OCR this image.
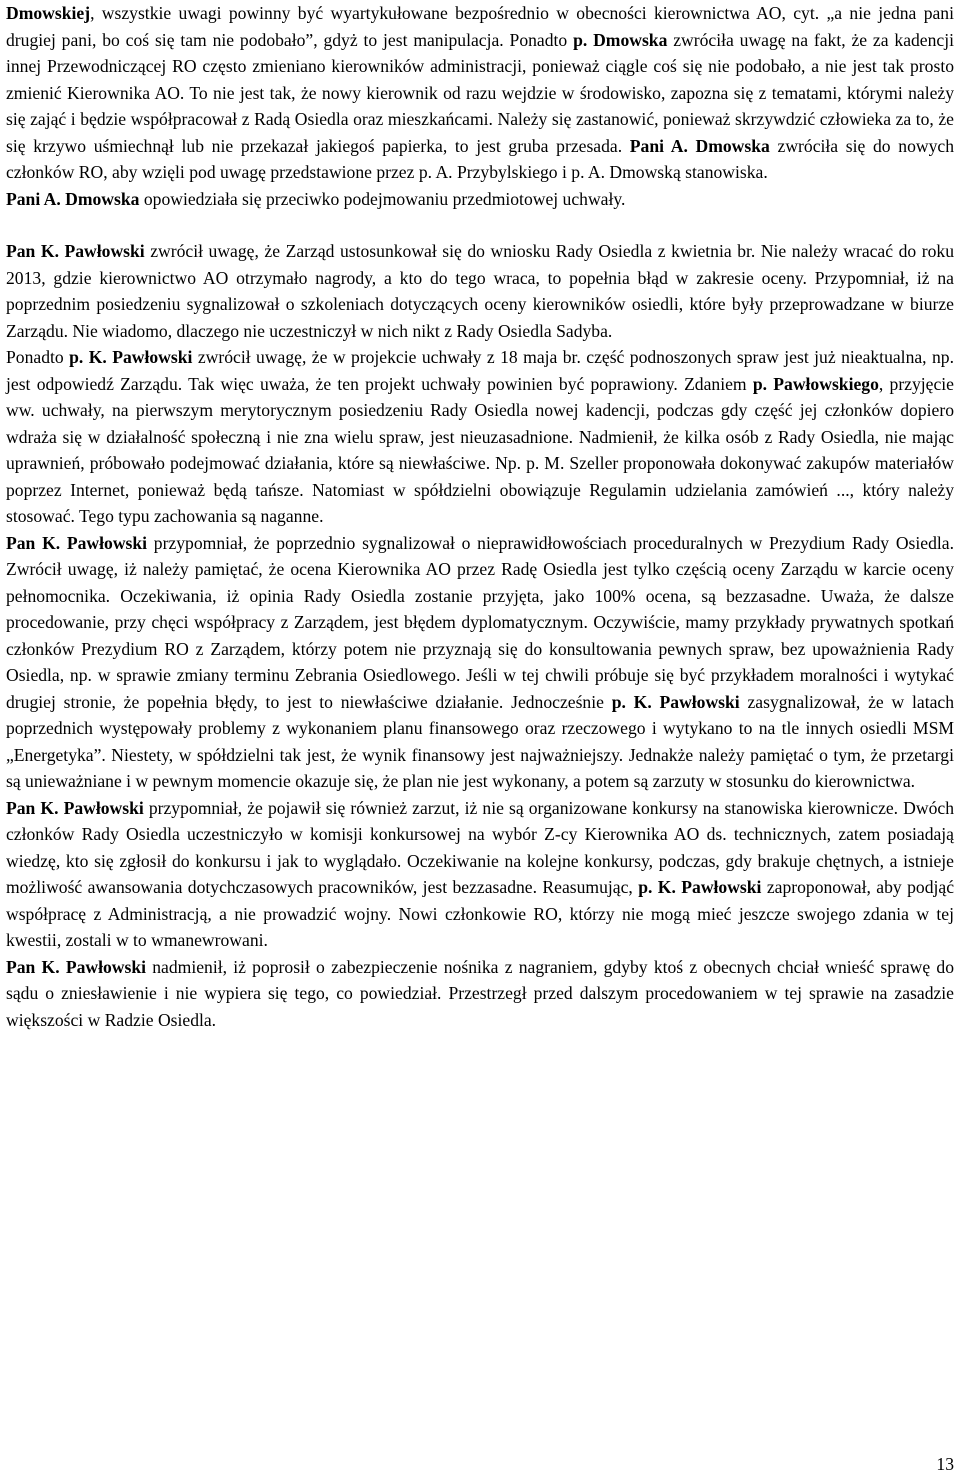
Dmowskiej, wszystkie uwagi powinny być wyartykułowane bezpośrednio w obecności kierownictwa AO, cyt. „a nie jedna pani drugiej pani, bo coś się tam nie podobało”, gdyż to jest manipulacja. Ponadto p. Dmowska zwróciła uwagę na fakt, że za kadencji innej Przewodniczącej RO często zmieniano kierowników administracji, ponieważ ciągle coś się nie podobało, a nie jest tak prosto zmienić Kierownika AO. To nie jest tak, że nowy kierownik od razu wejdzie w środowisko, zapozna się z tematami, którymi należy się zająć i będzie współpracował z Radą Osiedla oraz mieszkańcami. Należy się zastanowić, ponieważ skrzywdzić człowieka za to, że się krzywo uśmiechnął lub nie przekazał jakiegoś papierka, to jest gruba przesada. Pani A. Dmowska zwróciła się do nowych członków RO, aby wzięli pod uwagę przedstawione przez p. A. Przybylskiego i p. A. Dmowską stanowiska.

Pani A. Dmowska opowiedziała się przeciwko podejmowaniu przedmiotowej uchwały.

Pan K. Pawłowski zwrócił uwagę, że Zarząd ustosunkował się do wniosku Rady Osiedla z kwietnia br. Nie należy wracać do roku 2013, gdzie kierownictwo AO otrzymało nagrody, a kto do tego wraca, to popełnia błąd w zakresie oceny. Przypomniał, iż na poprzednim posiedzeniu sygnalizował o szkoleniach dotyczących oceny kierowników osiedli, które były przeprowadzane w biurze Zarządu. Nie wiadomo, dlaczego nie uczestniczył w nich nikt z Rady Osiedla Sadyba.

Ponadto p. K. Pawłowski zwrócił uwagę, że w projekcie uchwały z 18 maja br. część podnoszonych spraw jest już nieaktualna, np. jest odpowiedź Zarządu. Tak więc uważa, że ten projekt uchwały powinien być poprawiony. Zdaniem p. Pawłowskiego, przyjęcie ww. uchwały, na pierwszym merytorycznym posiedzeniu Rady Osiedla nowej kadencji, podczas gdy część jej członków dopiero wdraża się w działalność społeczną i nie zna wielu spraw, jest nieuzasadnione. Nadmienił, że kilka osób z Rady Osiedla, nie mając uprawnień, próbowało podejmować działania, które są niewłaściwe. Np. p. M. Szeller proponowała dokonywać zakupów materiałów poprzez Internet, ponieważ będą tańsze. Natomiast w spółdzielni obowiązuje Regulamin udzielania zamówień ..., który należy stosować. Tego typu zachowania są naganne.

Pan K. Pawłowski przypomniał, że poprzednio sygnalizował o nieprawidłowościach proceduralnych w Prezydium Rady Osiedla. Zwrócił uwagę, iż należy pamiętać, że ocena Kierownika AO przez Radę Osiedla jest tylko częścią oceny Zarządu w karcie oceny pełnomocnika. Oczekiwania, iż opinia Rady Osiedla zostanie przyjęta, jako 100% ocena, są bezzasadne. Uważa, że dalsze procedowanie, przy chęci współpracy z Zarządem, jest błędem dyplomatycznym. Oczywiście, mamy przykłady prywatnych spotkań członków Prezydium RO z Zarządem, którzy potem nie przyznają się do konsultowania pewnych spraw, bez upoważnienia Rady Osiedla, np. w sprawie zmiany terminu Zebrania Osiedlowego. Jeśli w tej chwili próbuje się być przykładem moralności i wytykać drugiej stronie, że popełnia błędy, to jest to niewłaściwe działanie. Jednocześnie p. K. Pawłowski zasygnalizował, że w latach poprzednich występowały problemy z wykonaniem planu finansowego oraz rzeczowego i wytykano to na tle innych osiedli MSM „Energetyka”. Niestety, w spółdzielni tak jest, że wynik finansowy jest najważniejszy. Jednakże należy pamiętać o tym, że przetargi są unieważniane i w pewnym momencie okazuje się, że plan nie jest wykonany, a potem są zarzuty w stosunku do kierownictwa.

Pan K. Pawłowski przypomniał, że pojawił się również zarzut, iż nie są organizowane konkursy na stanowiska kierownicze. Dwóch członków Rady Osiedla uczestniczyło w komisji konkursowej na wybór Z-cy Kierownika AO ds. technicznych, zatem posiadają wiedzę, kto się zgłosił do konkursu i jak to wyglądało. Oczekiwanie na kolejne konkursy, podczas, gdy brakuje chętnych, a istnieje możliwość awansowania dotychczasowych pracowników, jest bezzasadne. Reasumując, p. K. Pawłowski zaproponował, aby podjąć współpracę z Administracją, a nie prowadzić wojny. Nowi członkowie RO, którzy nie mogą mieć jeszcze swojego zdania w tej kwestii, zostali w to wmanewrowani.

Pan K. Pawłowski nadmienił, iż poprosił o zabezpieczenie nośnika z nagraniem, gdyby ktoś z obecnych chciał wnieść sprawę do sądu o zniesławienie i nie wypiera się tego, co powiedział. Przestrzegł przed dalszym procedowaniem w tej sprawie na zasadzie większości w Radzie Osiedla.

13
